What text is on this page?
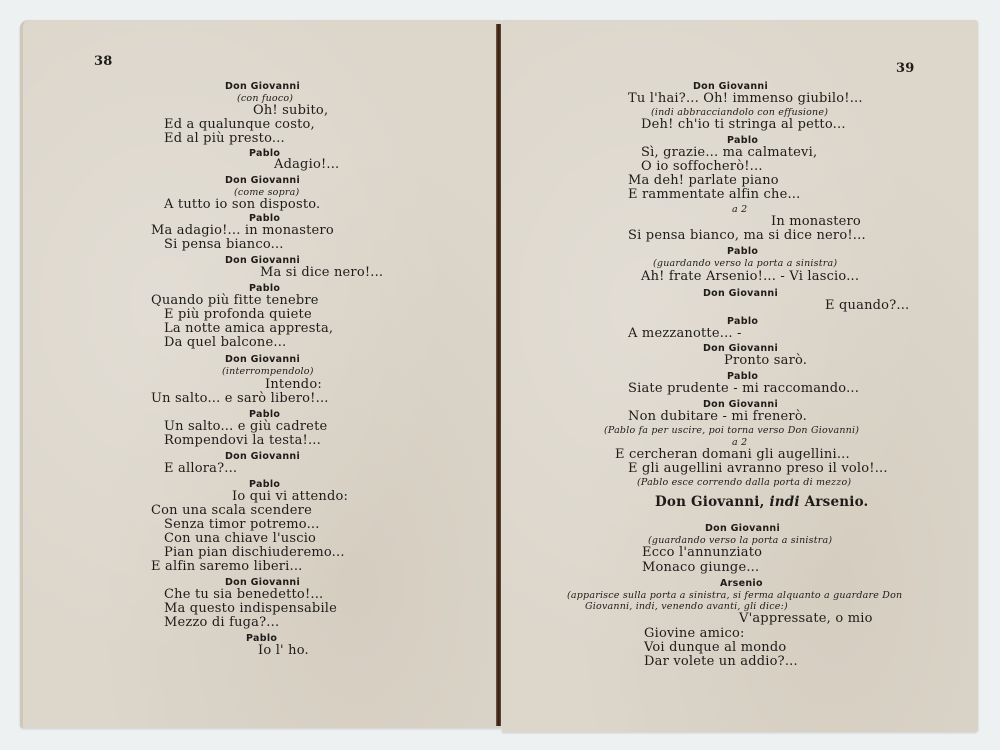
38
Don Giovanni
(con fuoco)
Oh! subito,
Ed a qualunque costo,
Ed al più presto...
Pablo
Adagio!...
Don Giovanni
(come sopra)
A tutto io son disposto.
Pablo
Ma adagio!... in monastero
Si pensa bianco...
Don Giovanni
Ma si dice nero!...
Pablo
Quando più fitte tenebre
E più profonda quiete
La notte amica appresta,
Da quel balcone...
Don Giovanni
(interrompendolo)
Intendo:
Un salto... e sarò libero!...
Pablo
Un salto... e giù cadrete
Rompendovi la testa!...
Don Giovanni
E allora?...
Pablo
Io qui vi attendo:
Con una scala scendere
Senza timor potremo...
Con una chiave l'uscio
Pian pian dischiuderemo...
E alfin saremo liberi...
Don Giovanni
Che tu sia benedetto!...
Ma questo indispensabile
Mezzo di fuga?...
Pablo
Io l' ho.
39
Don Giovanni
Tu l'hai?... Oh! immenso giubilo!...
(indi abbracciandolo con effusione)
Deh! ch'io ti stringa al petto...
Pablo
Sì, grazie... ma calmatevi,
O io soffocherò!...
Ma deh! parlate piano
E rammentate alfin che...
a 2
In monastero
Si pensa bianco, ma si dice nero!...
Pablo
(guardando verso la porta a sinistra)
Ah! frate Arsenio!... - Vi lascio...
Don Giovanni
E quando?...
Pablo
A mezzanotte... -
Don Giovanni
Pronto sarò.
Pablo
Siate prudente - mi raccomando...
Don Giovanni
Non dubitare - mi frenerò.
(Pablo fa per uscire, poi torna verso Don Giovanni)
a 2
E cercheran domani gli augellini...
E gli augellini avranno preso il volo!...
(Pablo esce correndo dalla porta di mezzo)
Don Giovanni, indi Arsenio.
Don Giovanni
(guardando verso la porta a sinistra)
Ecco l'annunziato
Monaco giunge...
Arsenio
(apparisce sulla porta a sinistra, si ferma alquanto a guardare Don
Giovanni, indi, venendo avanti, gli dice:)
V'appressate, o mio
Giovine amico:
Voi dunque al mondo
Dar volete un addio?...
